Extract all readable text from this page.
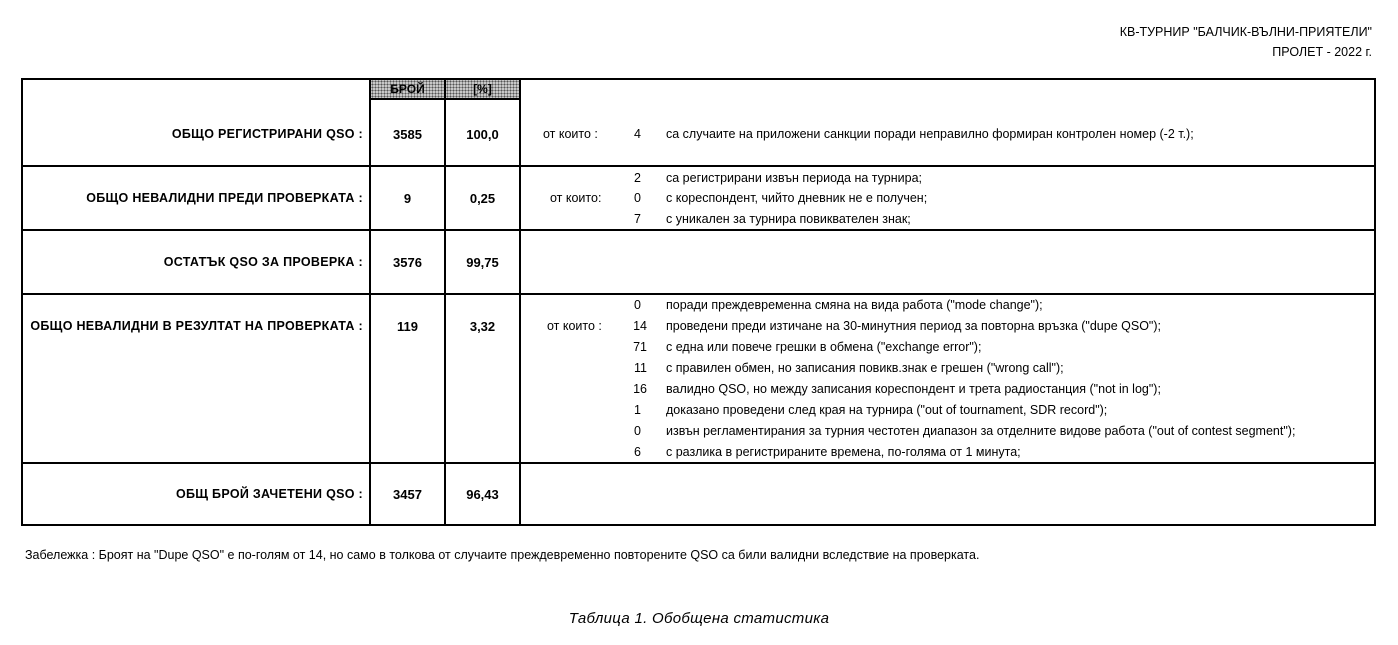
КВ-ТУРНИР "БАЛЧИК-ВЪЛНИ-ПРИЯТЕЛИ"
ПРОЛЕТ - 2022 г.
БРОЙ	[%]
ОБЩО РЕГИСТРИРАНИ QSO :	3585	100,0	от които :	4 са случаите на приложени санкции поради неправилно формиран контролен номер (-2 т.);
ОБЩО НЕВАЛИДНИ ПРЕДИ ПРОВЕРКАТА :	9	0,25	от които:
2 са регистрирани извън периода на турнира;
0 с кореспондент, чийто дневник не е получен;
7 с уникален за турнира повиквателен знак;
ОСТАТЪК QSO ЗА ПРОВЕРКА :	3576	99,75
ОБЩО НЕВАЛИДНИ В РЕЗУЛТАТ НА ПРОВЕРКАТА :	119	3,32	от които :
0 поради преждевременна смяна на вида работа ("mode change");
14 проведени преди изтичане на 30-минутния период за повторна връзка ("dupe QSO");
71 с една или повече грешки в обмена ("exchange error");
11 с правилен обмен, но записания повикв.знак е грешен ("wrong call");
16 валидно QSO, но между записания кореспондент и трета радиостанция ("not in log");
1 доказано проведени след края на турнира ("out of tournament, SDR record");
0 извън регламентирания за турния честотен диапазон за отделните видове работа ("out of contest segment");
6 с разлика в регистрираните времена, по-голяма от 1 минута;
ОБЩ БРОЙ ЗАЧЕТЕНИ QSO :	3457	96,43
Забележка : Броят на "Dupe QSO" е по-голям от 14, но само в толкова от случаите преждевременно повторените QSO са били валидни вследствие на проверката.
Таблица 1. Обобщена статистика
